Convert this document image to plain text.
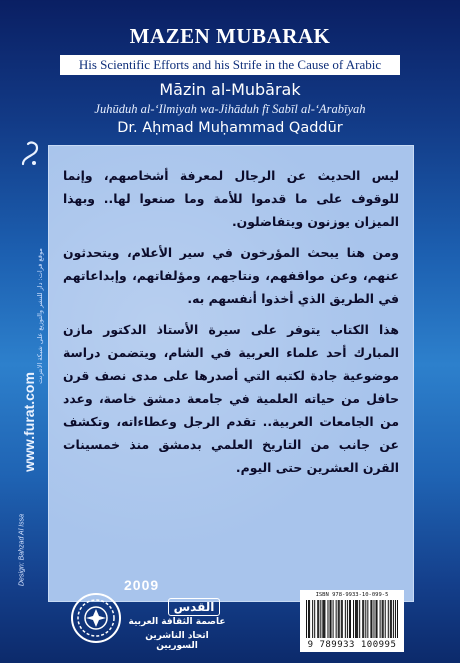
MAZEN MUBARAK
His Scientific Efforts and his Strife in the Cause of Arabic
Māzin al-Mubārak
Juhūduh al-‘Ilmiyah wa-Jihāduh fī Sabīl al-‘Arabīyah
Dr. Aḥmad Muḥammad Qaddūr

ليس الحديث عن الرجال لمعرفة أشخاصهم، وإنما للوقوف على ما قدموا للأمة وما صنعوا لها.. وبهذا الميزان يوزنون ويتفاضلون.

ومن هنا يبحث المؤرخون في سير الأعلام، ويتحدثون عنهم، وعن مواقفهم، ونتاجهم، ومؤلفاتهم، وإبداعاتهم في الطريق الذي أخذوا أنفسهم به.

هذا الكتاب يتوفر على سيرة الأستاذ الدكتور مازن المبارك أحد علماء العربية في الشام، ويتضمن دراسة موضوعية جادة لكتبه التي أصدرها على مدى نصف قرن حافل من حياته العلمية في جامعة دمشق خاصة، وعدد من الجامعات العربية.. تقدم الرجل وعطاءاته، وتكشف عن جانب من التاريخ العلمي بدمشق منذ خمسينات القرن العشرين حتى اليوم.

www.furat.com
موقع فرات: دار للنشر والتوزيع على شبكة الانترنت
Design: Bahzad Al Issa	2009
القدس
عاصمة الثقافة العربية
اتحاد الناشرين السوريين
ISBN 978-9933-10-099-5
9 789933 100995
